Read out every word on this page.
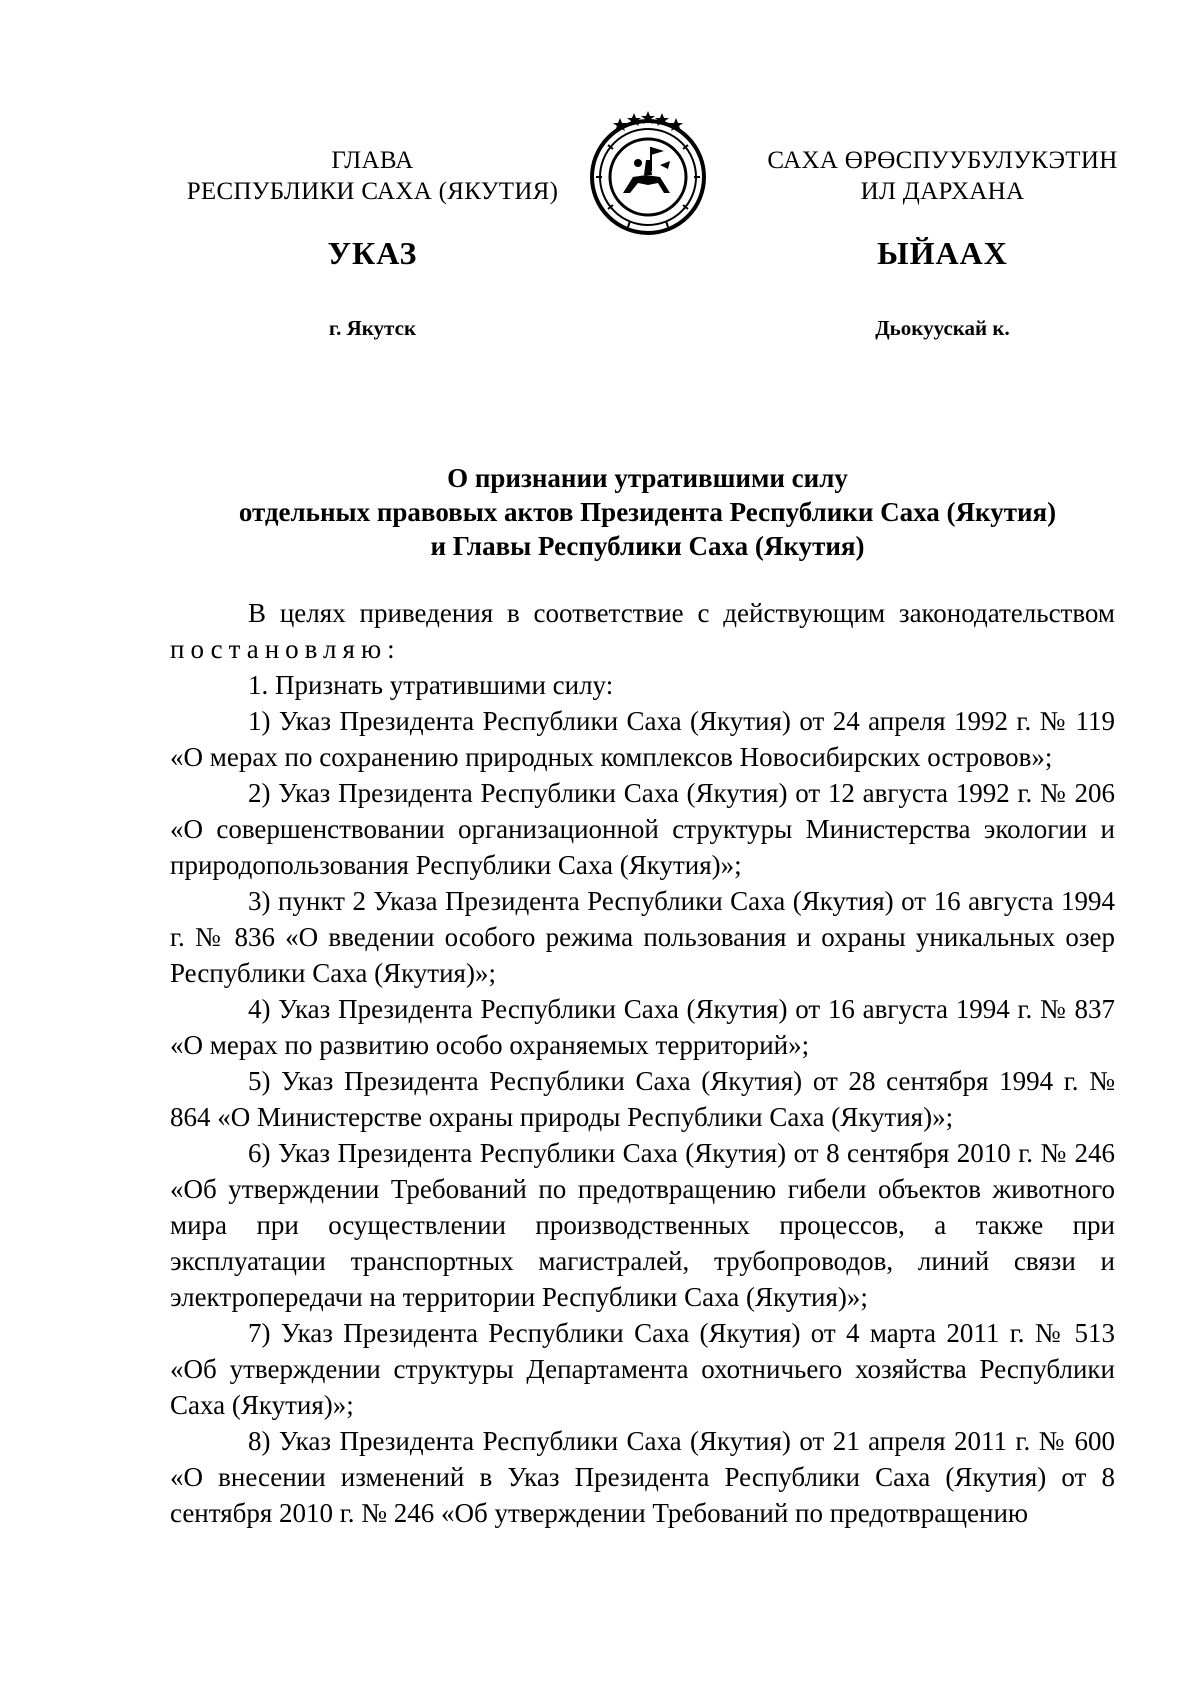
ГЛАВА
РЕСПУБЛИКИ САХА (ЯКУТИЯ)
САХА ӨРӨСПУУБУЛУКЭТИН
ИЛ ДАРХАНА
УКАЗ	ЫЙААХ
г. Якутск	Дьокуускай к.
О признании утратившими силу
отдельных правовых актов Президента Республики Саха (Якутия)
и Главы Республики Саха (Якутия)

В целях приведения в соответствие с действующим законодательством постановляю:

1. Признать утратившими силу:

1) Указ Президента Республики Саха (Якутия) от 24 апреля 1992 г. № 119 «О мерах по сохранению природных комплексов Новосибирских островов»;

2) Указ Президента Республики Саха (Якутия) от 12 августа 1992 г. № 206 «О совершенствовании организационной структуры Министерства экологии и природопользования Республики Саха (Якутия)»;

3) пункт 2 Указа Президента Республики Саха (Якутия) от 16 августа 1994 г. № 836 «О введении особого режима пользования и охраны уникальных озер Республики Саха (Якутия)»;

4) Указ Президента Республики Саха (Якутия) от 16 августа 1994 г. № 837 «О мерах по развитию особо охраняемых территорий»;

5) Указ Президента Республики Саха (Якутия) от 28 сентября 1994 г. № 864 «О Министерстве охраны природы Республики Саха (Якутия)»;

6) Указ Президента Республики Саха (Якутия) от 8 сентября 2010 г. № 246 «Об утверждении Требований по предотвращению гибели объектов животного мира при осуществлении производственных процессов, а также при эксплуатации транспортных магистралей, трубопроводов, линий связи и электропередачи на территории Республики Саха (Якутия)»;

7) Указ Президента Республики Саха (Якутия) от 4 марта 2011 г. № 513 «Об утверждении структуры Департамента охотничьего хозяйства Республики Саха (Якутия)»;

8) Указ Президента Республики Саха (Якутия) от 21 апреля 2011 г. № 600 «О внесении изменений в Указ Президента Республики Саха (Якутия) от 8 сентября 2010 г. № 246 «Об утверждении Требований по предотвращению
